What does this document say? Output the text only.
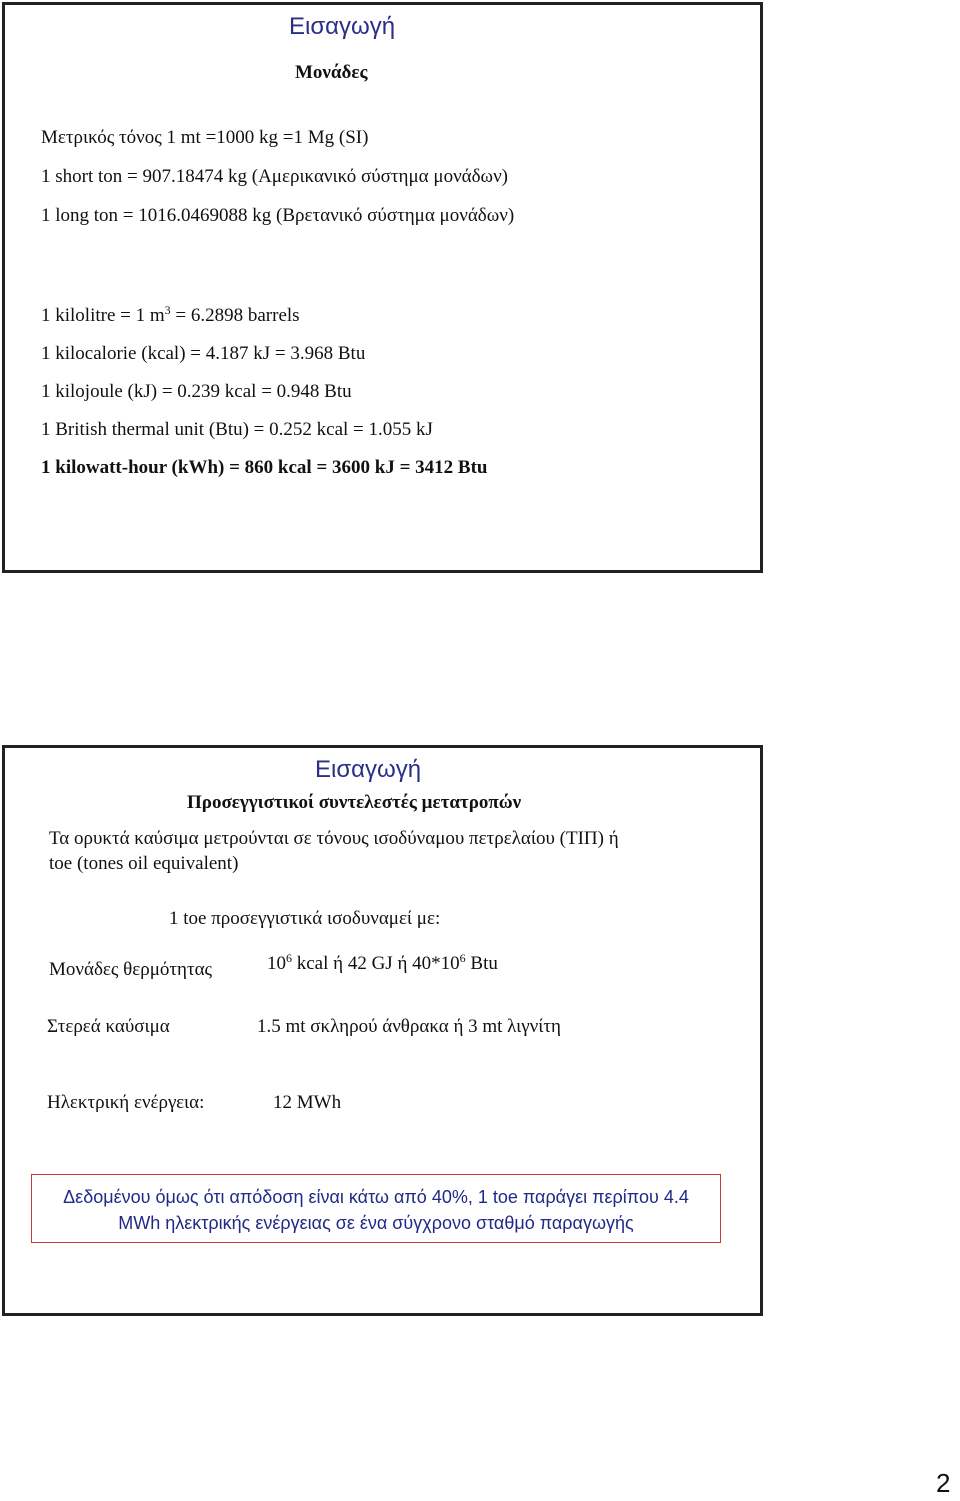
Εισαγωγή
Μονάδες
Μετρικός τόνος 1 mt =1000 kg =1 Mg (SI)
1 short ton = 907.18474 kg (Αμερικανικό σύστημα μονάδων)
1 long ton = 1016.0469088 kg (Βρετανικό σύστημα μονάδων)
1 kilolitre = 1 $m^3 = 6.2898$ barrels
1 kilocalorie (kcal) = 4.187 kJ = 3.968 Btu
1 kilojoule (kJ) = 0.239 kcal = 0.948 Btu
1 British thermal unit (Btu) = 0.252 kcal = 1.055 kJ
1 kilowatt-hour (kWh) = 860 kcal = 3600 kJ = 3412 Btu
Εισαγωγή
Προσεγγιστικοί συντελεστές μετατροπών
Τα ορυκτά καύσιμα μετρούνται σε τόνους ισοδύναμου πετρελαίου (ΤΙΠ) ή
toe (tones oil equivalent)
1 toe προσεγγιστικά ισοδυναμεί με:
Μονάδες θερμότητας	$10^6$ kcal ή 42 GJ ή $40*10^6$ Btu
Στερεά καύσιμα	1.5 mt σκληρού άνθρακα ή 3 mt λιγνίτη
Ηλεκτρική ενέργεια:	12 MWh
Δεδομένου όμως ότι απόδοση είναι κάτω από 40%, 1 toe παράγει περίπου 4.4
MWh ηλεκτρικής ενέργειας σε ένα σύγχρονο σταθμό παραγωγής
2
